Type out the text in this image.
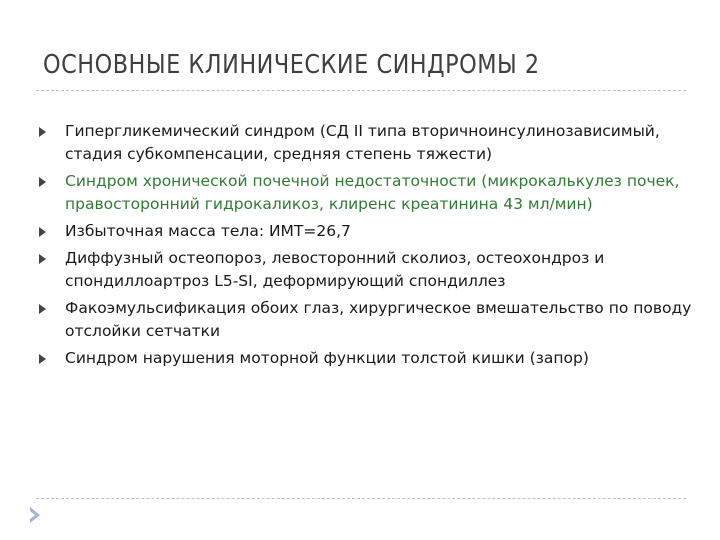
ОСНОВНЫЕ КЛИНИЧЕСКИЕ СИНДРОМЫ 2
Гипергликемический синдром (СД II типа вторичноинсулинозависимый, стадия субкомпенсации, средняя степень тяжести)
Синдром хронической почечной недостаточности (микрокалькулез почек, правосторонний гидрокаликоз, клиренс креатинина 43 мл/мин)
Избыточная масса тела: ИМТ=26,7
Диффузный остеопороз, левосторонний сколиоз, остеохондроз и спондиллоартроз L5-SI, деформирующий спондиллез
Факоэмульсификация обоих глаз, хирургическое вмешательство по поводу отслойки сетчатки
Синдром нарушения моторной функции толстой кишки (запор)
